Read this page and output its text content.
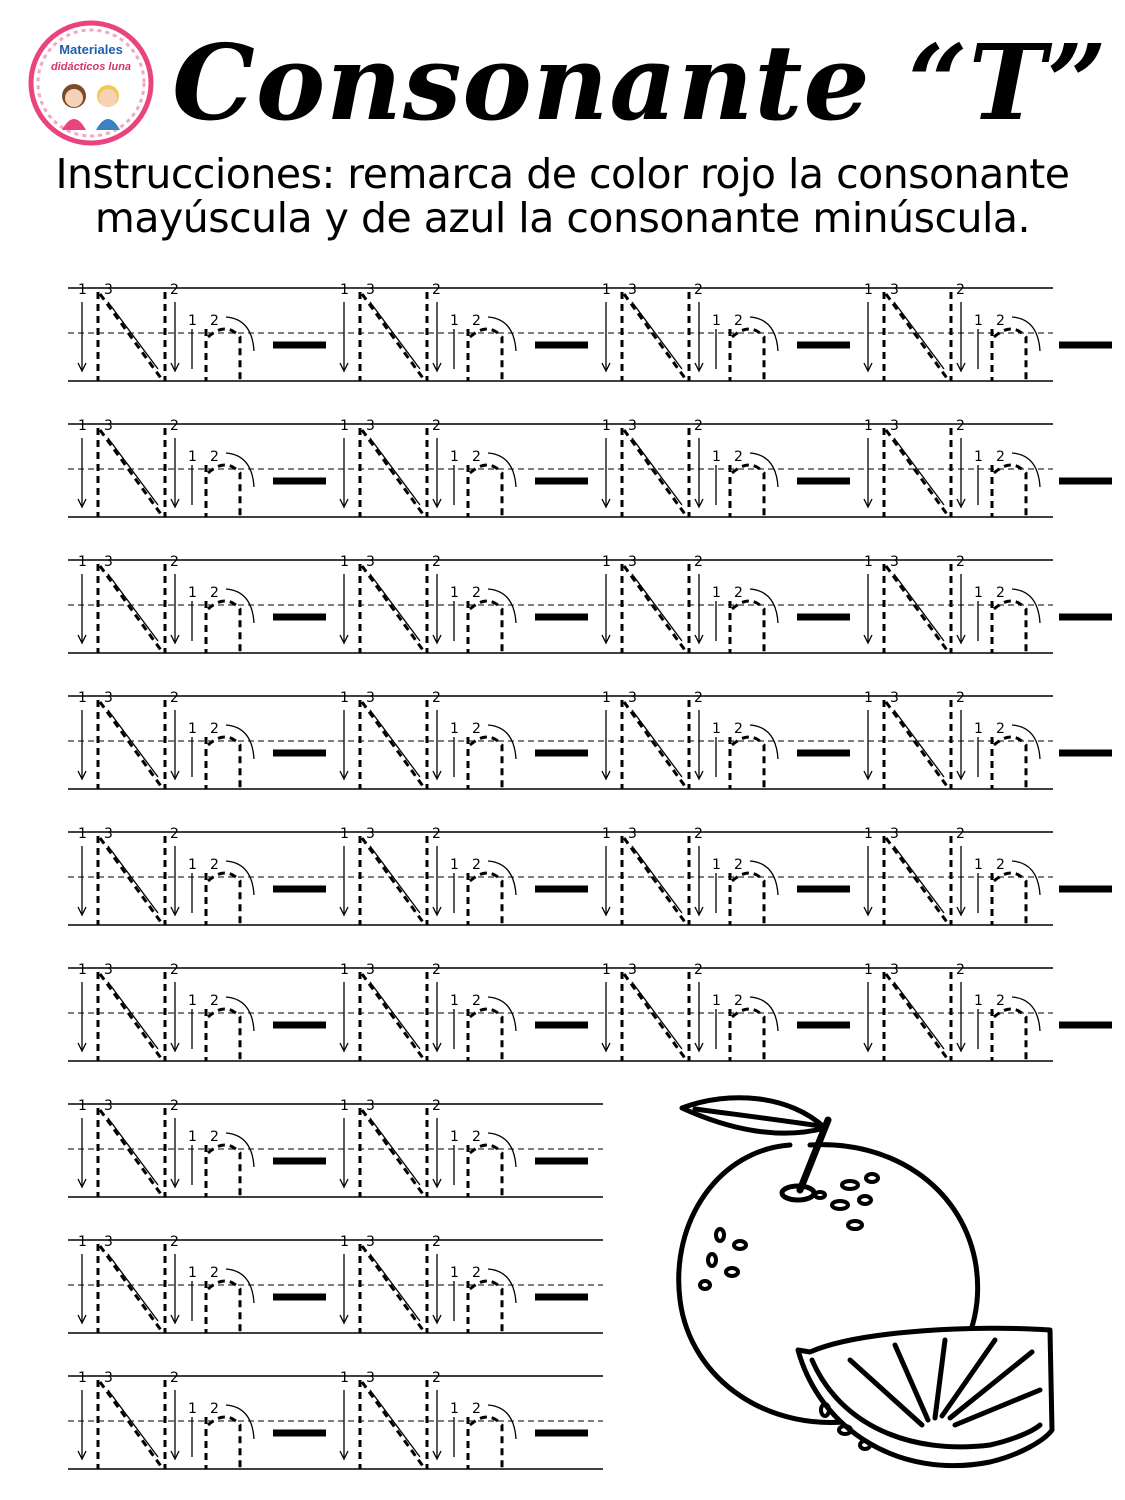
Materiales
didácticos luna Consonante “T”

Instrucciones: remarca de color rojo la consonante
mayúscula y de azul la consonante minúscula.

1 3	2
1 2
1 3	2
1 2
1 3	2
1 2
1 3	2
1 2
1 3	2
1 2
1 3	2
1 2
1 3	2
1 2
1 3	2
1 2
1 3	2
1 2
1 3	2
1 2
1 3	2
1 2
1 3	2
1 2
1 3	2
1 2
1 3	2
1 2
1 3	2
1 2
1 3	2
1 2
1 3	2
1 2
1 3	2
1 2
1 3	2
1 2
1 3	2
1 2
1 3	2
1 2
1 3	2
1 2
1 3	2
1 2
1 3	2
1 2
1 3	2
1 2
1 3	2
1 2
1 3	2
1 2
1 3	2
1 2
1 3	2
1 2
1 3	2
1 2
